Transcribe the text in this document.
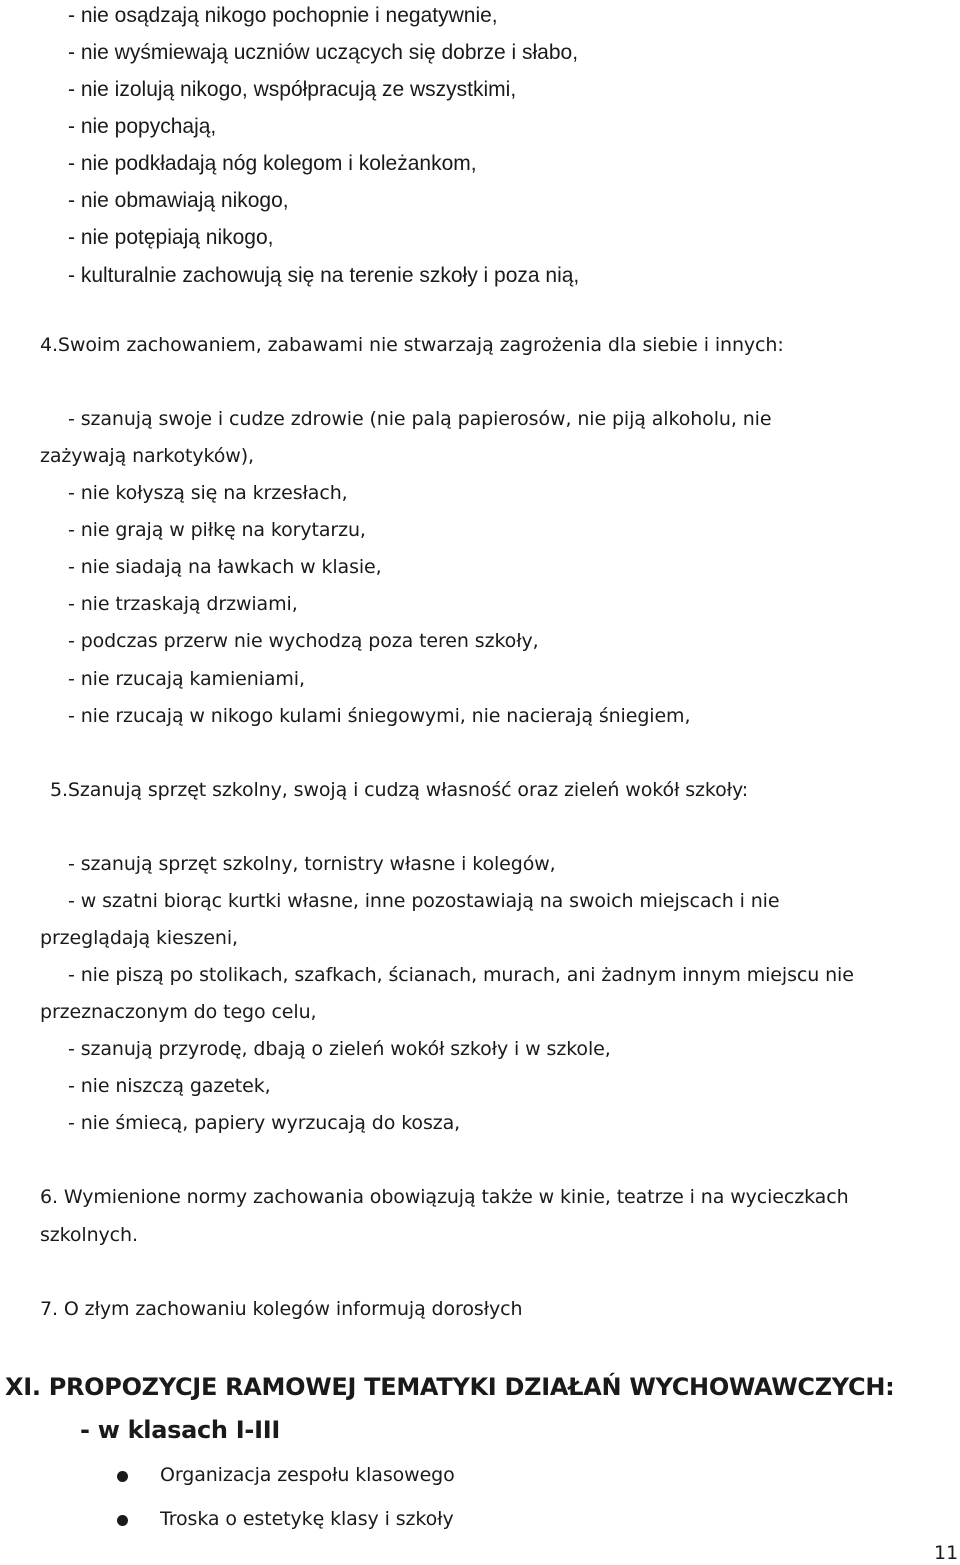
- nie osądzają nikogo pochopnie i negatywnie,
- nie wyśmiewają uczniów uczących się dobrze i słabo,
- nie izolują nikogo, współpracują ze wszystkimi,
- nie popychają,
- nie podkładają nóg kolegom i koleżankom,
- nie obmawiają nikogo,
- nie potępiają nikogo,
- kulturalnie zachowują się na terenie szkoły i poza nią,
4.Swoim zachowaniem, zabawami nie stwarzają zagrożenia dla siebie i innych:
- szanują swoje i cudze zdrowie (nie palą papierosów, nie piją alkoholu, nie
zażywają narkotyków),
- nie kołyszą się na krzesłach,
- nie grają w piłkę na korytarzu,
- nie siadają na ławkach w klasie,
- nie trzaskają drzwiami,
- podczas przerw nie wychodzą poza teren szkoły,
- nie rzucają kamieniami,
- nie rzucają w nikogo kulami śniegowymi, nie nacierają śniegiem,
5.Szanują sprzęt szkolny, swoją i cudzą własność oraz zieleń wokół szkoły:
- szanują sprzęt szkolny, tornistry własne i kolegów,
- w szatni biorąc kurtki własne, inne pozostawiają na swoich miejscach i nie
przeglądają kieszeni,
- nie piszą po stolikach, szafkach, ścianach, murach, ani żadnym innym miejscu nie
przeznaczonym do tego celu,
- szanują przyrodę, dbają o zieleń wokół szkoły i w szkole,
- nie niszczą gazetek,
- nie śmiecą, papiery wyrzucają do kosza,
6. Wymienione normy zachowania obowiązują także w kinie, teatrze i na wycieczkach
szkolnych.
7. O złym zachowaniu kolegów informują dorosłych
XI. PROPOZYCJE RAMOWEJ TEMATYKI DZIAŁAŃ WYCHOWAWCZYCH:
- w klasach I-III
Organizacja zespołu klasowego
Troska o estetykę klasy i szkoły
11
